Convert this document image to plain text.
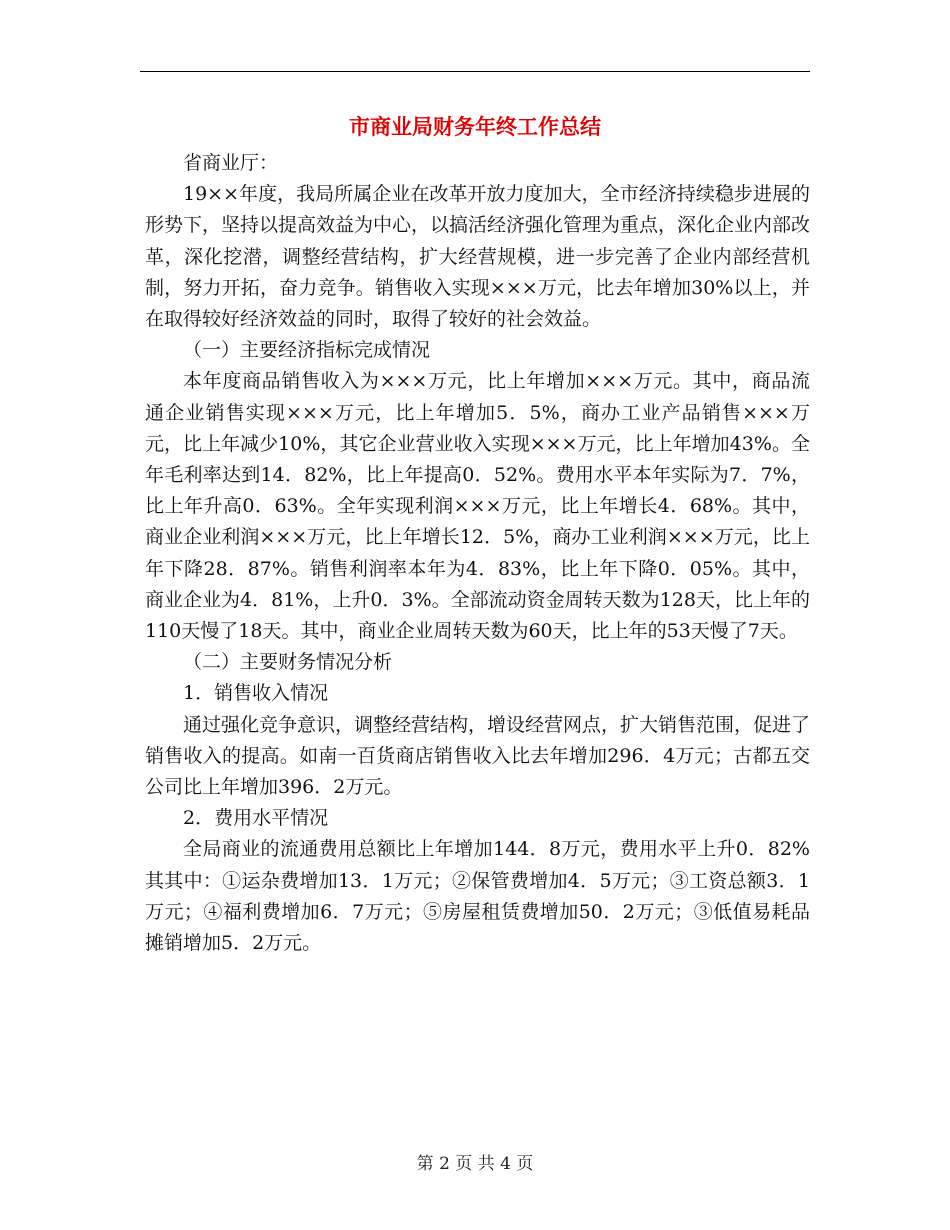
市商业局财务年终工作总结

省商业厅：

19××年度，我局所属企业在改革开放力度加大，全市经济持续稳步进展的形势下，坚持以提高效益为中心，以搞活经济强化管理为重点，深化企业内部改革，深化挖潜，调整经营结构，扩大经营规模，进一步完善了企业内部经营机制，努力开拓，奋力竞争。销售收入实现×××万元，比去年增加30%以上，并在取得较好经济效益的同时，取得了较好的社会效益。

（一）主要经济指标完成情况

本年度商品销售收入为×××万元，比上年增加×××万元。其中，商品流通企业销售实现×××万元，比上年增加5．5%，商办工业产品销售×××万元，比上年减少10%，其它企业营业收入实现×××万元，比上年增加43%。全年毛利率达到14．82%，比上年提高0．52%。费用水平本年实际为7．7%，比上年升高0．63%。全年实现利润×××万元，比上年增长4．68%。其中，商业企业利润×××万元，比上年增长12．5%，商办工业利润×××万元，比上年下降28．87%。销售利润率本年为4．83%，比上年下降0．05%。其中，商业企业为4．81%，上升0．3%。全部流动资金周转天数为128天，比上年的110天慢了18天。其中，商业企业周转天数为60天，比上年的53天慢了7天。

（二）主要财务情况分析

1．销售收入情况

通过强化竞争意识，调整经营结构，增设经营网点，扩大销售范围，促进了销售收入的提高。如南一百货商店销售收入比去年增加296．4万元；古都五交公司比上年增加396．2万元。

2．费用水平情况

全局商业的流通费用总额比上年增加144．8万元，费用水平上升0．82%其其中：①运杂费增加13．1万元；②保管费增加4．5万元；③工资总额3．1万元；④福利费增加6．7万元；⑤房屋租赁费增加50．2万元；③低值易耗品摊销增加5．2万元。

第 2 页 共 4 页
